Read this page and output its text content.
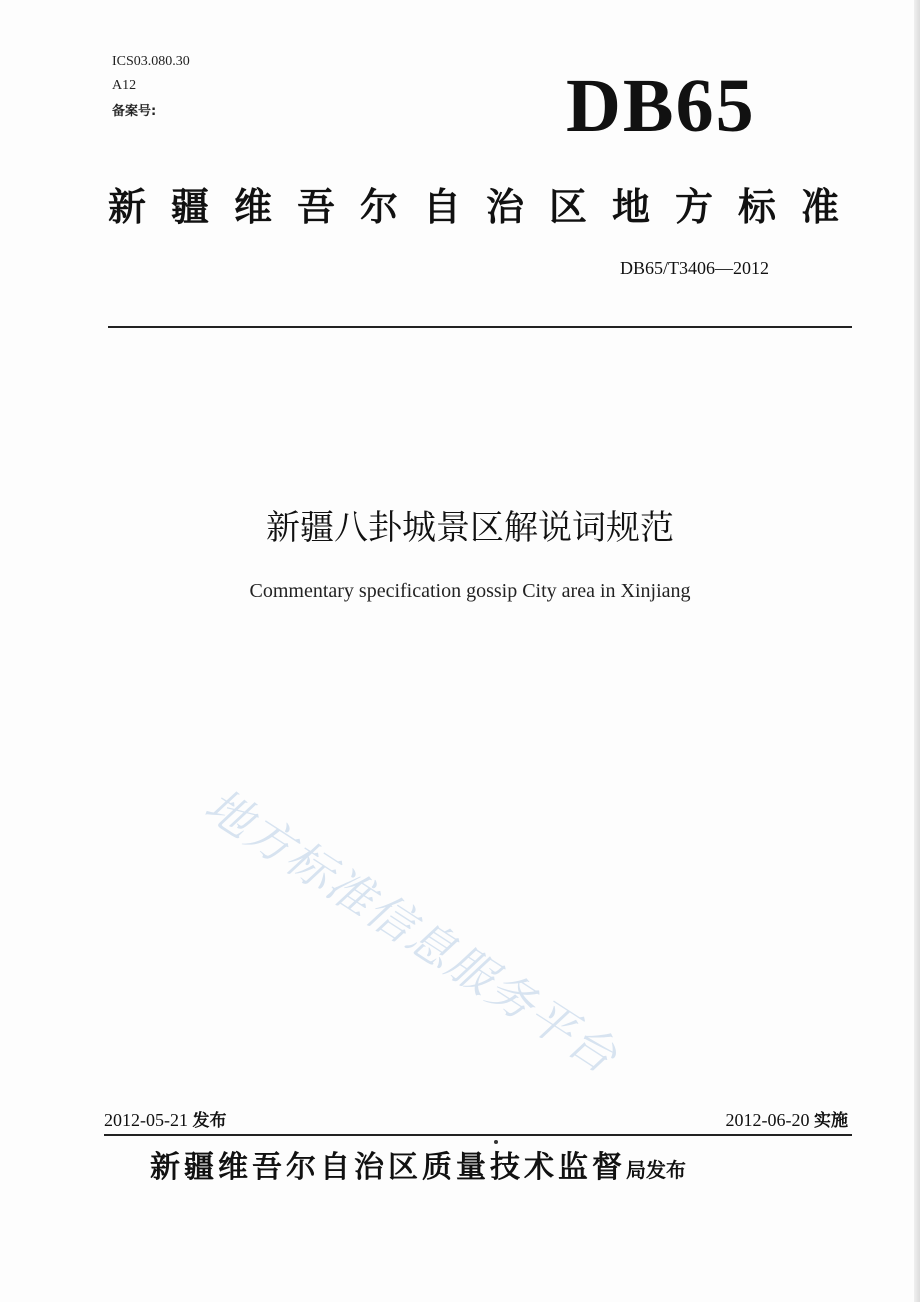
ICS03.080.30
A12
备案号:	DB65
新疆维吾尔自治区地方标准
DB65/T3406—2012
新疆八卦城景区解说词规范
Commentary specification gossip City area in Xinjiang
地方标准信息服务平台
2012-05-21 发布	2012-06-20 实施
新疆维吾尔自治区质量技术监督局发布
